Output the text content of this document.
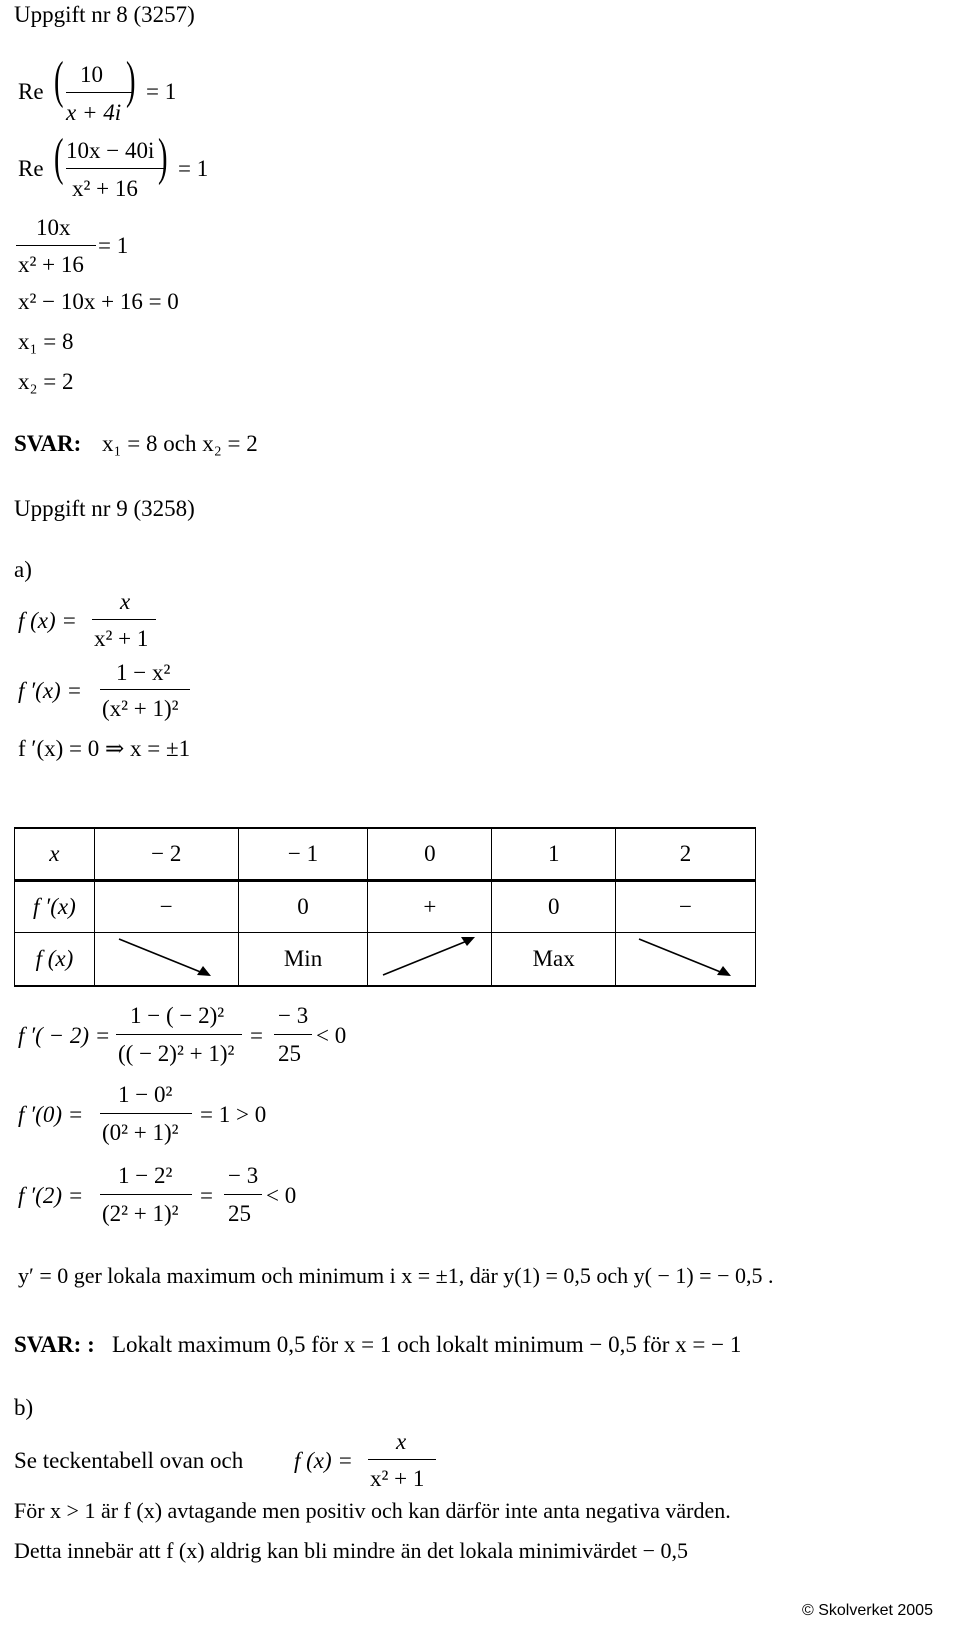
Uppgift nr 8 (3257)
Re ( 10
x + 4i
) = 1
Re ( 10x − 40i
x² + 16
) = 1
10x
x² + 16
= 1
x² − 10x + 16 = 0
x₁ = 8
x₂ = 2
SVAR: x₁ = 8 och x₂ = 2
Uppgift nr 9 (3258)
a)
f (x) =
x
x² + 1
f ′(x) =
1 − x²
(x² + 1)²
f ′(x) = 0 ⇒ x = ±1
x	− 2	− 1	0	1	2
f ′(x)	−	0	+	0	−
f (x)		Min		Max	
f ′( − 2) =
1 − ( − 2)²
(( − 2)² + 1)²
=
− 3
25
< 0
f ′(0) =
1 − 0²
(0² + 1)²
= 1 > 0
f ′(2) =
1 − 2²
(2² + 1)²
=
− 3
25
< 0
y′ = 0 ger lokala maximum och minimum i x = ±1, där y(1) = 0,5 och y( − 1) = − 0,5 .
SVAR: : Lokalt maximum 0,5 för x = 1 och lokalt minimum − 0,5 för x = − 1
b)
Se teckentabell ovan och f (x) =
x
x² + 1
För x > 1 är f (x) avtagande men positiv och kan därför inte anta negativa värden.
Detta innebär att f (x) aldrig kan bli mindre än det lokala minimivärdet − 0,5
© Skolverket 2005
